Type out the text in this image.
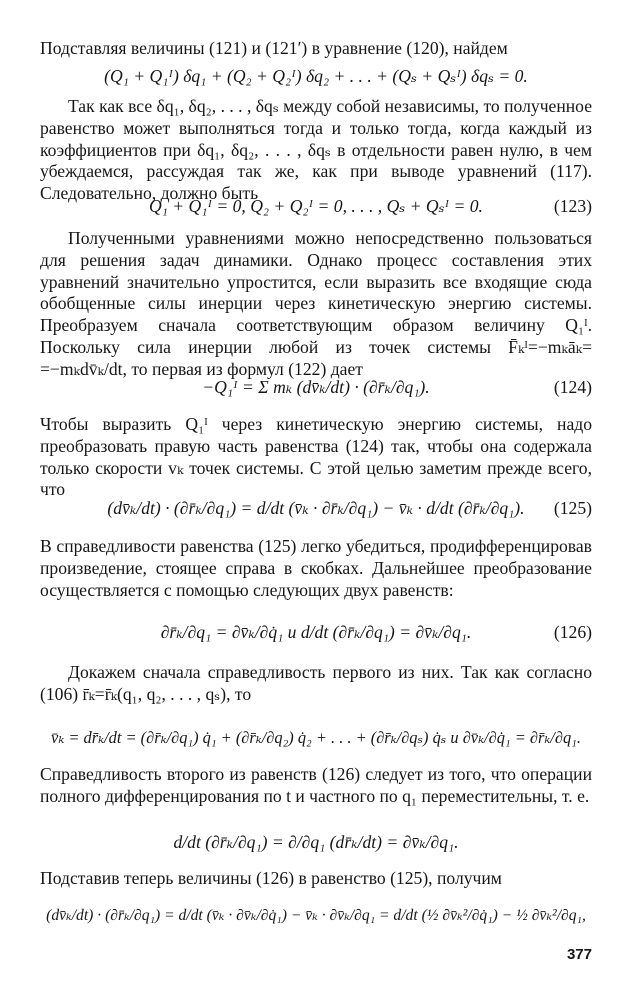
Подставляя величины (121) и (121′) в уравнение (120), найдем

(Q₁ + Q₁ᴵ) δq₁ + (Q₂ + Q₂ᴵ) δq₂ + . . . + (Qₛ + Qₛᴵ) δqₛ = 0.

Так как все δq₁, δq₂, . . . , δqₛ между собой независимы, то полученное равенство может выполняться тогда и только тогда, когда каждый из коэффициентов при δq₁, δq₂, . . . , δqₛ в отдельности равен нулю, в чем убеждаемся, рассуждая так же, как при выводе уравнений (117). Следовательно, должно быть

Q₁ + Q₁ᴵ = 0, Q₂ + Q₂ᴵ = 0, . . . , Qₛ + Qₛᴵ = 0.	(123)

Полученными уравнениями можно непосредственно пользоваться для решения задач динамики. Однако процесс составления этих уравнений значительно упростится, если выразить все входящие сюда обобщенные силы инерции через кинетическую энергию системы. Преобразуем сначала соответствующим образом величину Q₁ᴵ. Поскольку сила инерции любой из точек системы F̄ₖᴵ=−mₖāₖ= =−mₖdv̄ₖ/dt, то первая из формул (122) дает

−Q₁ᴵ = Σ mₖ (dv̄ₖ/dt) · (∂r̄ₖ/∂q₁).	(124)

Чтобы выразить Q₁ᴵ через кинетическую энергию системы, надо преобразовать правую часть равенства (124) так, чтобы она содержала только скорости vₖ точек системы. С этой целью заметим прежде всего, что

(dv̄ₖ/dt) · (∂r̄ₖ/∂q₁) = d/dt (v̄ₖ · ∂r̄ₖ/∂q₁) − v̄ₖ · d/dt (∂r̄ₖ/∂q₁).	(125)

В справедливости равенства (125) легко убедиться, продифференцировав произведение, стоящее справа в скобках. Дальнейшее преобразование осуществляется с помощью следующих двух равенств:

∂r̄ₖ/∂q₁ = ∂v̄ₖ/∂q̇₁ и d/dt (∂r̄ₖ/∂q₁) = ∂v̄ₖ/∂q₁.	(126)

Докажем сначала справедливость первого из них. Так как согласно (106) r̄ₖ=r̄ₖ(q₁, q₂, . . . , qₛ), то

v̄ₖ = dr̄ₖ/dt = (∂r̄ₖ/∂q₁) q̇₁ + (∂r̄ₖ/∂q₂) q̇₂ + . . . + (∂r̄ₖ/∂qₛ) q̇ₛ и ∂v̄ₖ/∂q̇₁ = ∂r̄ₖ/∂q₁.

Справедливость второго из равенств (126) следует из того, что операции полного дифференцирования по t и частного по q₁ переместительны, т. е.

d/dt (∂r̄ₖ/∂q₁) = ∂/∂q₁ (dr̄ₖ/dt) = ∂v̄ₖ/∂q₁.

Подставив теперь величины (126) в равенство (125), получим

(dv̄ₖ/dt) · (∂r̄ₖ/∂q₁) = d/dt (v̄ₖ · ∂v̄ₖ/∂q̇₁) − v̄ₖ · ∂v̄ₖ/∂q₁ = d/dt (½ ∂v̄ₖ²/∂q̇₁) − ½ ∂v̄ₖ²/∂q₁,
377
